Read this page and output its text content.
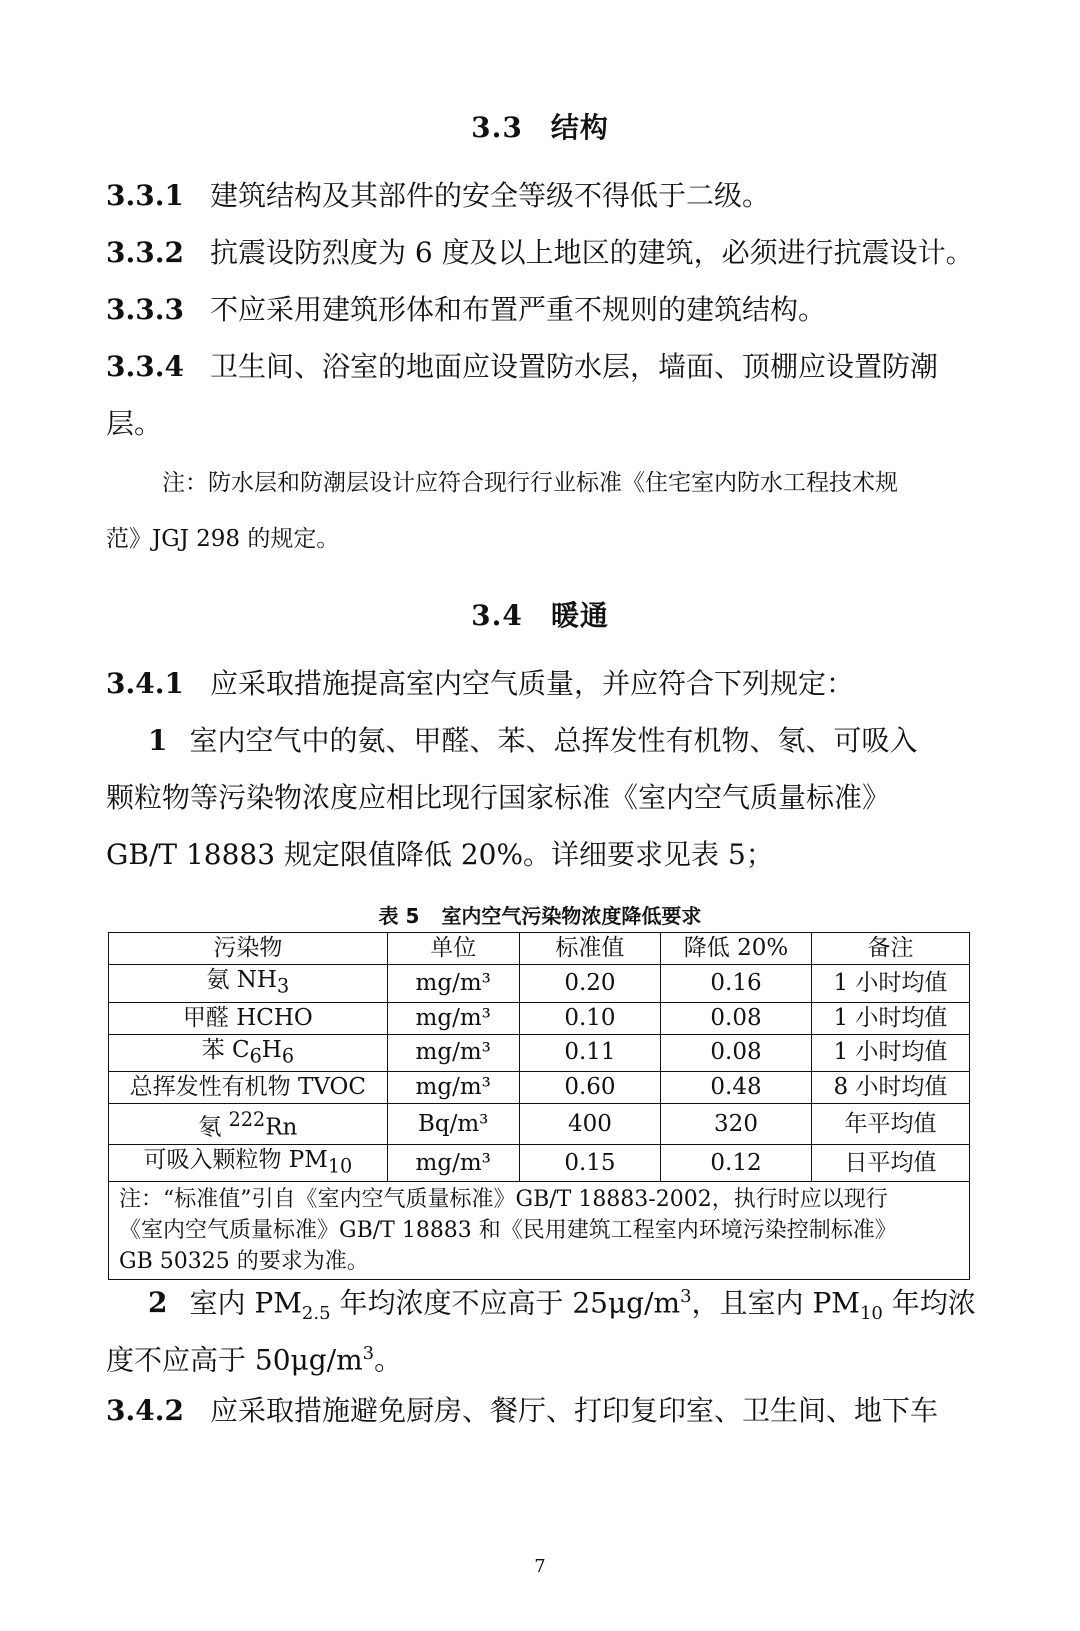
3.3 结构
3.3.1 建筑结构及其部件的安全等级不得低于二级。
3.3.2 抗震设防烈度为 6 度及以上地区的建筑，必须进行抗震设计。
3.3.3 不应采用建筑形体和布置严重不规则的建筑结构。
3.3.4 卫生间、浴室的地面应设置防水层，墙面、顶棚应设置防潮
层。
注：防水层和防潮层设计应符合现行行业标准《住宅室内防水工程技术规
范》JGJ 298 的规定。
3.4 暖通
3.4.1 应采取措施提高室内空气质量，并应符合下列规定：
1 室内空气中的氨、甲醛、苯、总挥发性有机物、氡、可吸入
颗粒物等污染物浓度应相比现行国家标准《室内空气质量标准》
GB/T 18883 规定限值降低 20%。详细要求见表 5；
表 5 室内空气污染物浓度降低要求
污染物	单位	标准值	降低 20%	备注
氨 $NH_3$	mg/m³	0.20	0.16	1 小时均值
甲醛 HCHO	mg/m³	0.10	0.08	1 小时均值
苯 $C_6H_6$	mg/m³	0.11	0.08	1 小时均值
总挥发性有机物 TVOC	mg/m³	0.60	0.48	8 小时均值
氡 $^{222}$Rn	Bq/m³	400	320	年平均值
可吸入颗粒物 $PM_{10}$	mg/m³	0.15	0.12	日平均值

注：“标准值”引自《室内空气质量标准》GB/T 18883-2002，执行时应以现行
《室内空气质量标准》GB/T 18883 和《民用建筑工程室内环境污染控制标准》
GB 50325 的要求为准。				
2 室内 $PM_{2.5}$ 年均浓度不应高于 $25\mu g/m^3$，且室内 $PM_{10}$ 年均浓
度不应高于 $50\mu g/m^3$。
3.4.2 应采取措施避免厨房、餐厅、打印复印室、卫生间、地下车
7
